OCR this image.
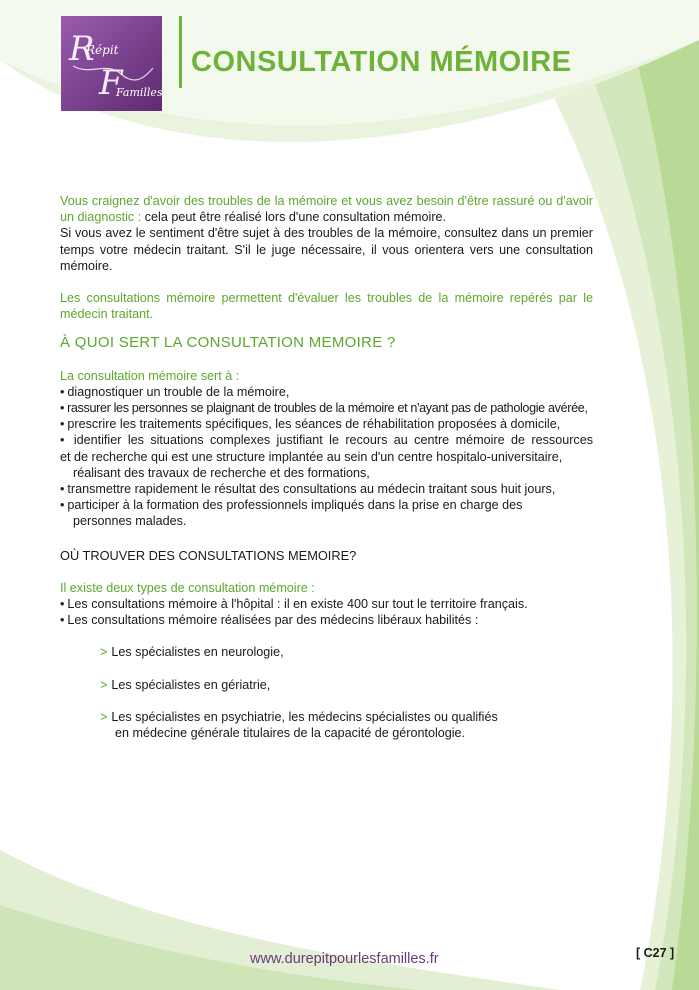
R
Répit
F
Familles
CONSULTATION MÉMOIRE

Vous craignez d'avoir des troubles de la mémoire et vous avez besoin d'être rassuré ou d'avoir un diagnostic : cela peut être réalisé lors d'une consultation mémoire.

Si vous avez le sentiment d'être sujet à des troubles de la mémoire, consultez dans un premier temps votre médecin traitant. S'il le juge nécessaire, il vous orientera vers une consultation mémoire.

Les consultations mémoire permettent d'évaluer les troubles de la mémoire repérés par le médecin traitant.

À QUOI SERT LA CONSULTATION MEMOIRE ?

La consultation mémoire sert à :

• diagnostiquer un trouble de la mémoire,

• rassurer les personnes se plaignant de troubles de la mémoire et n'ayant pas de pathologie avérée,

• prescrire les traitements spécifiques, les séances de réhabilitation proposées à domicile,

•  identifier les situations complexes justifiant le recours au centre mémoire de ressources       et de recherche qui est une structure implantée au sein d'un centre hospitalo-universitaire,

réalisant des travaux de recherche et des formations,

• transmettre rapidement le résultat des consultations au médecin traitant sous huit jours,

• participer à la formation des professionnels impliqués dans la prise en charge des

personnes malades.

OÙ TROUVER DES CONSULTATIONS MEMOIRE?

Il existe deux types de consultation mémoire :

• Les consultations mémoire à l'hôpital : il en existe 400 sur tout le territoire français.

• Les consultations mémoire réalisées par des médecins libéraux habilités :

> Les spécialistes en neurologie,

> Les spécialistes en gériatrie,

> Les spécialistes en psychiatrie, les médecins spécialistes ou qualifiés

en médecine générale titulaires de la capacité de gérontologie.

www.durepitpourlesfamilles.fr	[ C27 ]
